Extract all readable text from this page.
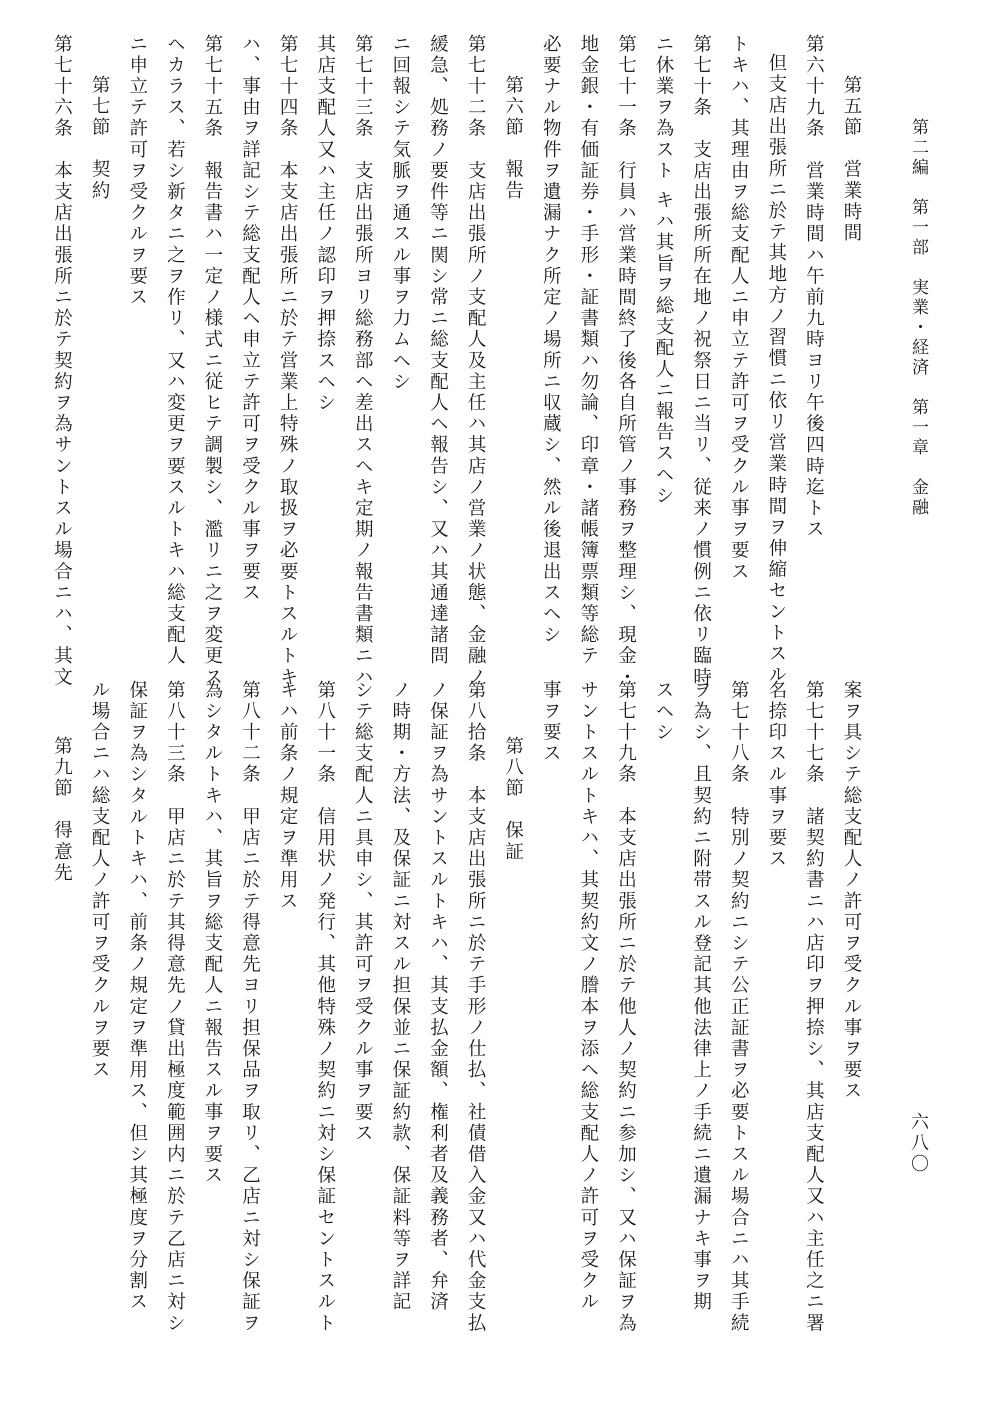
第二編　第一部　実業・経済　第一章　金融
第五節　営業時間
第六十九条　営業時間ハ午前九時ヨリ午後四時迄トス
但支店出張所ニ於テ其地方ノ習慣ニ依リ営業時間ヲ伸縮セントスル
トキハ、其理由ヲ総支配人ニ申立テ許可ヲ受クル事ヲ要ス
第七十条　支店出張所所在地ノ祝祭日ニ当リ、従来ノ慣例ニ依リ臨時
ニ休業ヲ為スト キハ其旨ヲ総支配人ニ報告スヘシ
第七十一条　行員ハ営業時間終了後各自所管ノ事務ヲ整理シ、現金・
地金銀・有価証券・手形・証書類ハ勿論、印章・諸帳簿票類等総テ
必要ナル物件ヲ遺漏ナク所定ノ場所ニ収蔵シ、然ル後退出スヘシ
第六節　報告
第七十二条　支店出張所ノ支配人及主任ハ其店ノ営業ノ状態、金融ノ
緩急、処務ノ要件等ニ関シ常ニ総支配人ヘ報告シ、又ハ其通達諸問
ニ回報シテ気脈ヲ通スル事ヲ力ムヘシ
第七十三条　支店出張所ヨリ総務部ヘ差出スヘキ定期ノ報告書類ニハ
其店支配人又ハ主任ノ認印ヲ押捺スヘシ
第七十四条　本支店出張所ニ於テ営業上特殊ノ取扱ヲ必要トスルトキ
ハ、事由ヲ詳記シテ総支配人ヘ申立テ許可ヲ受クル事ヲ要ス
第七十五条　報告書ハ一定ノ様式ニ従ヒテ調製シ、濫リニ之ヲ変更ス
ヘカラス、若シ新タニ之ヲ作リ、又ハ変更ヲ要スルトキハ総支配人
ニ申立テ許可ヲ受クルヲ要ス
第七節　契約
第七十六条　本支店出張所ニ於テ契約ヲ為サントスル場合ニハ、其文
案ヲ具シテ総支配人ノ許可ヲ受クル事ヲ要ス
第七十七条　諸契約書ニハ店印ヲ押捺シ、其店支配人又ハ主任之ニ署
名捺印スル事ヲ要ス
第七十八条　特別ノ契約ニシテ公正証書ヲ必要トスル場合ニハ其手続
ヲ為シ、且契約ニ附帯スル登記其他法律上ノ手続ニ遺漏ナキ事ヲ期
スヘシ
第七十九条　本支店出張所ニ於テ他人ノ契約ニ参加シ、又ハ保証ヲ為
サントスルトキハ、其契約文ノ謄本ヲ添ヘ総支配人ノ許可ヲ受クル
事ヲ要ス
第八節　保証
第八拾条　本支店出張所ニ於テ手形ノ仕払、社債借入金又ハ代金支払
ノ保証ヲ為サントスルトキハ、其支払金額、権利者及義務者、弁済
ノ時期・方法、及保証ニ対スル担保並ニ保証約款、保証料等ヲ詳記
シテ総支配人ニ具申シ、其許可ヲ受クル事ヲ要ス
第八十一条　信用状ノ発行、其他特殊ノ契約ニ対シ保証セントスルト
キハ前条ノ規定ヲ準用ス
第八十二条　甲店ニ於テ得意先ヨリ担保品ヲ取リ、乙店ニ対シ保証ヲ
為シタルトキハ、其旨ヲ総支配人ニ報告スル事ヲ要ス
第八十三条　甲店ニ於テ其得意先ノ貸出極度範囲内ニ於テ乙店ニ対シ
保証ヲ為シタルトキハ、前条ノ規定ヲ準用ス、但シ其極度ヲ分割ス
ル場合ニハ総支配人ノ許可ヲ受クルヲ要ス
第九節　得意先
六八〇
